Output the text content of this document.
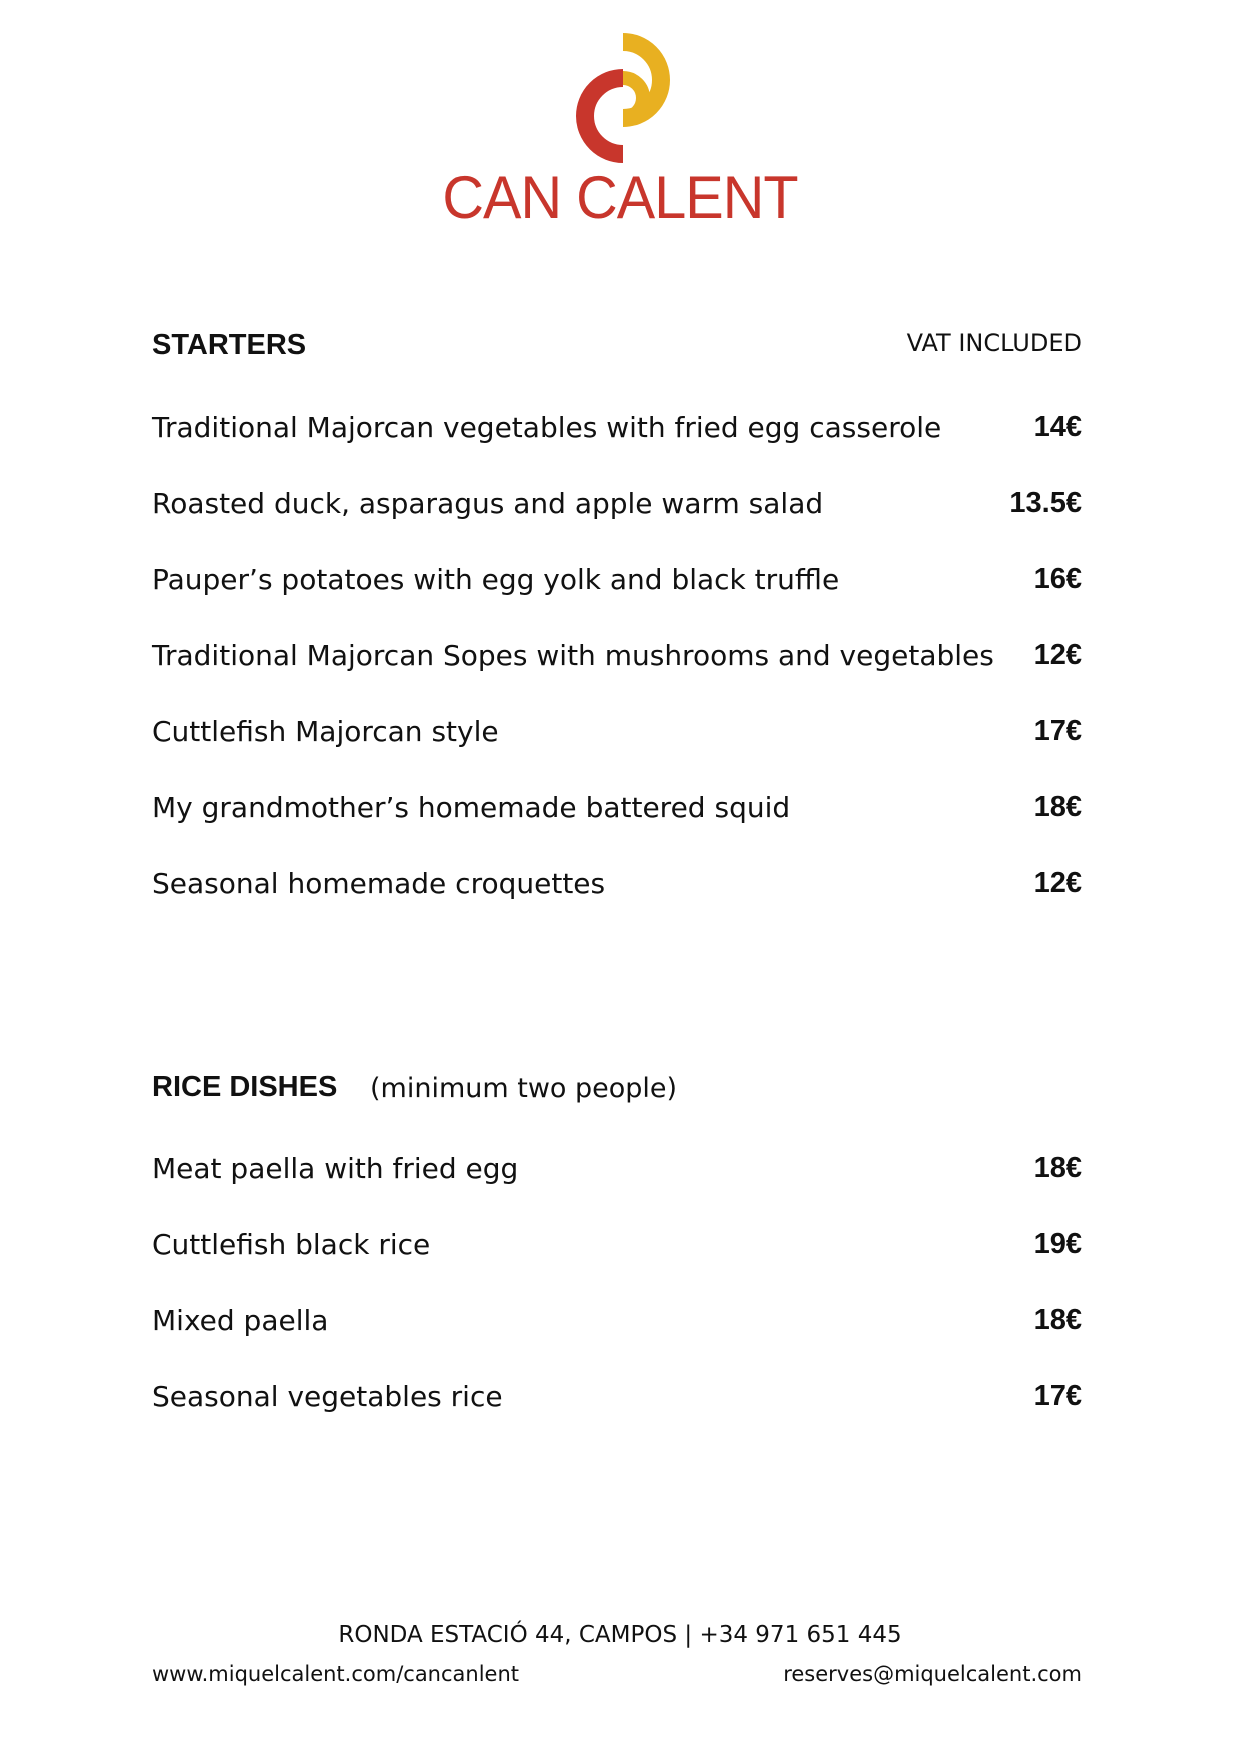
CAN CALENT
STARTERS	VAT INCLUDED
Traditional Majorcan vegetables with fried egg casserole	14€
Roasted duck, asparagus and apple warm salad	13.5€
Pauper’s potatoes with egg yolk and black truffle	16€
Traditional Majorcan Sopes with mushrooms and vegetables 12€
Cuttlefish Majorcan style	17€
My grandmother’s homemade battered squid	18€
Seasonal homemade croquettes	12€
RICE DISHES (minimum two people)
Meat paella with fried egg	18€
Cuttlefish black rice	19€
Mixed paella	18€
Seasonal vegetables rice	17€
RONDA ESTACIÓ 44, CAMPOS | +34 971 651 445
www.miquelcalent.com/cancanlent	reserves@miquelcalent.com
